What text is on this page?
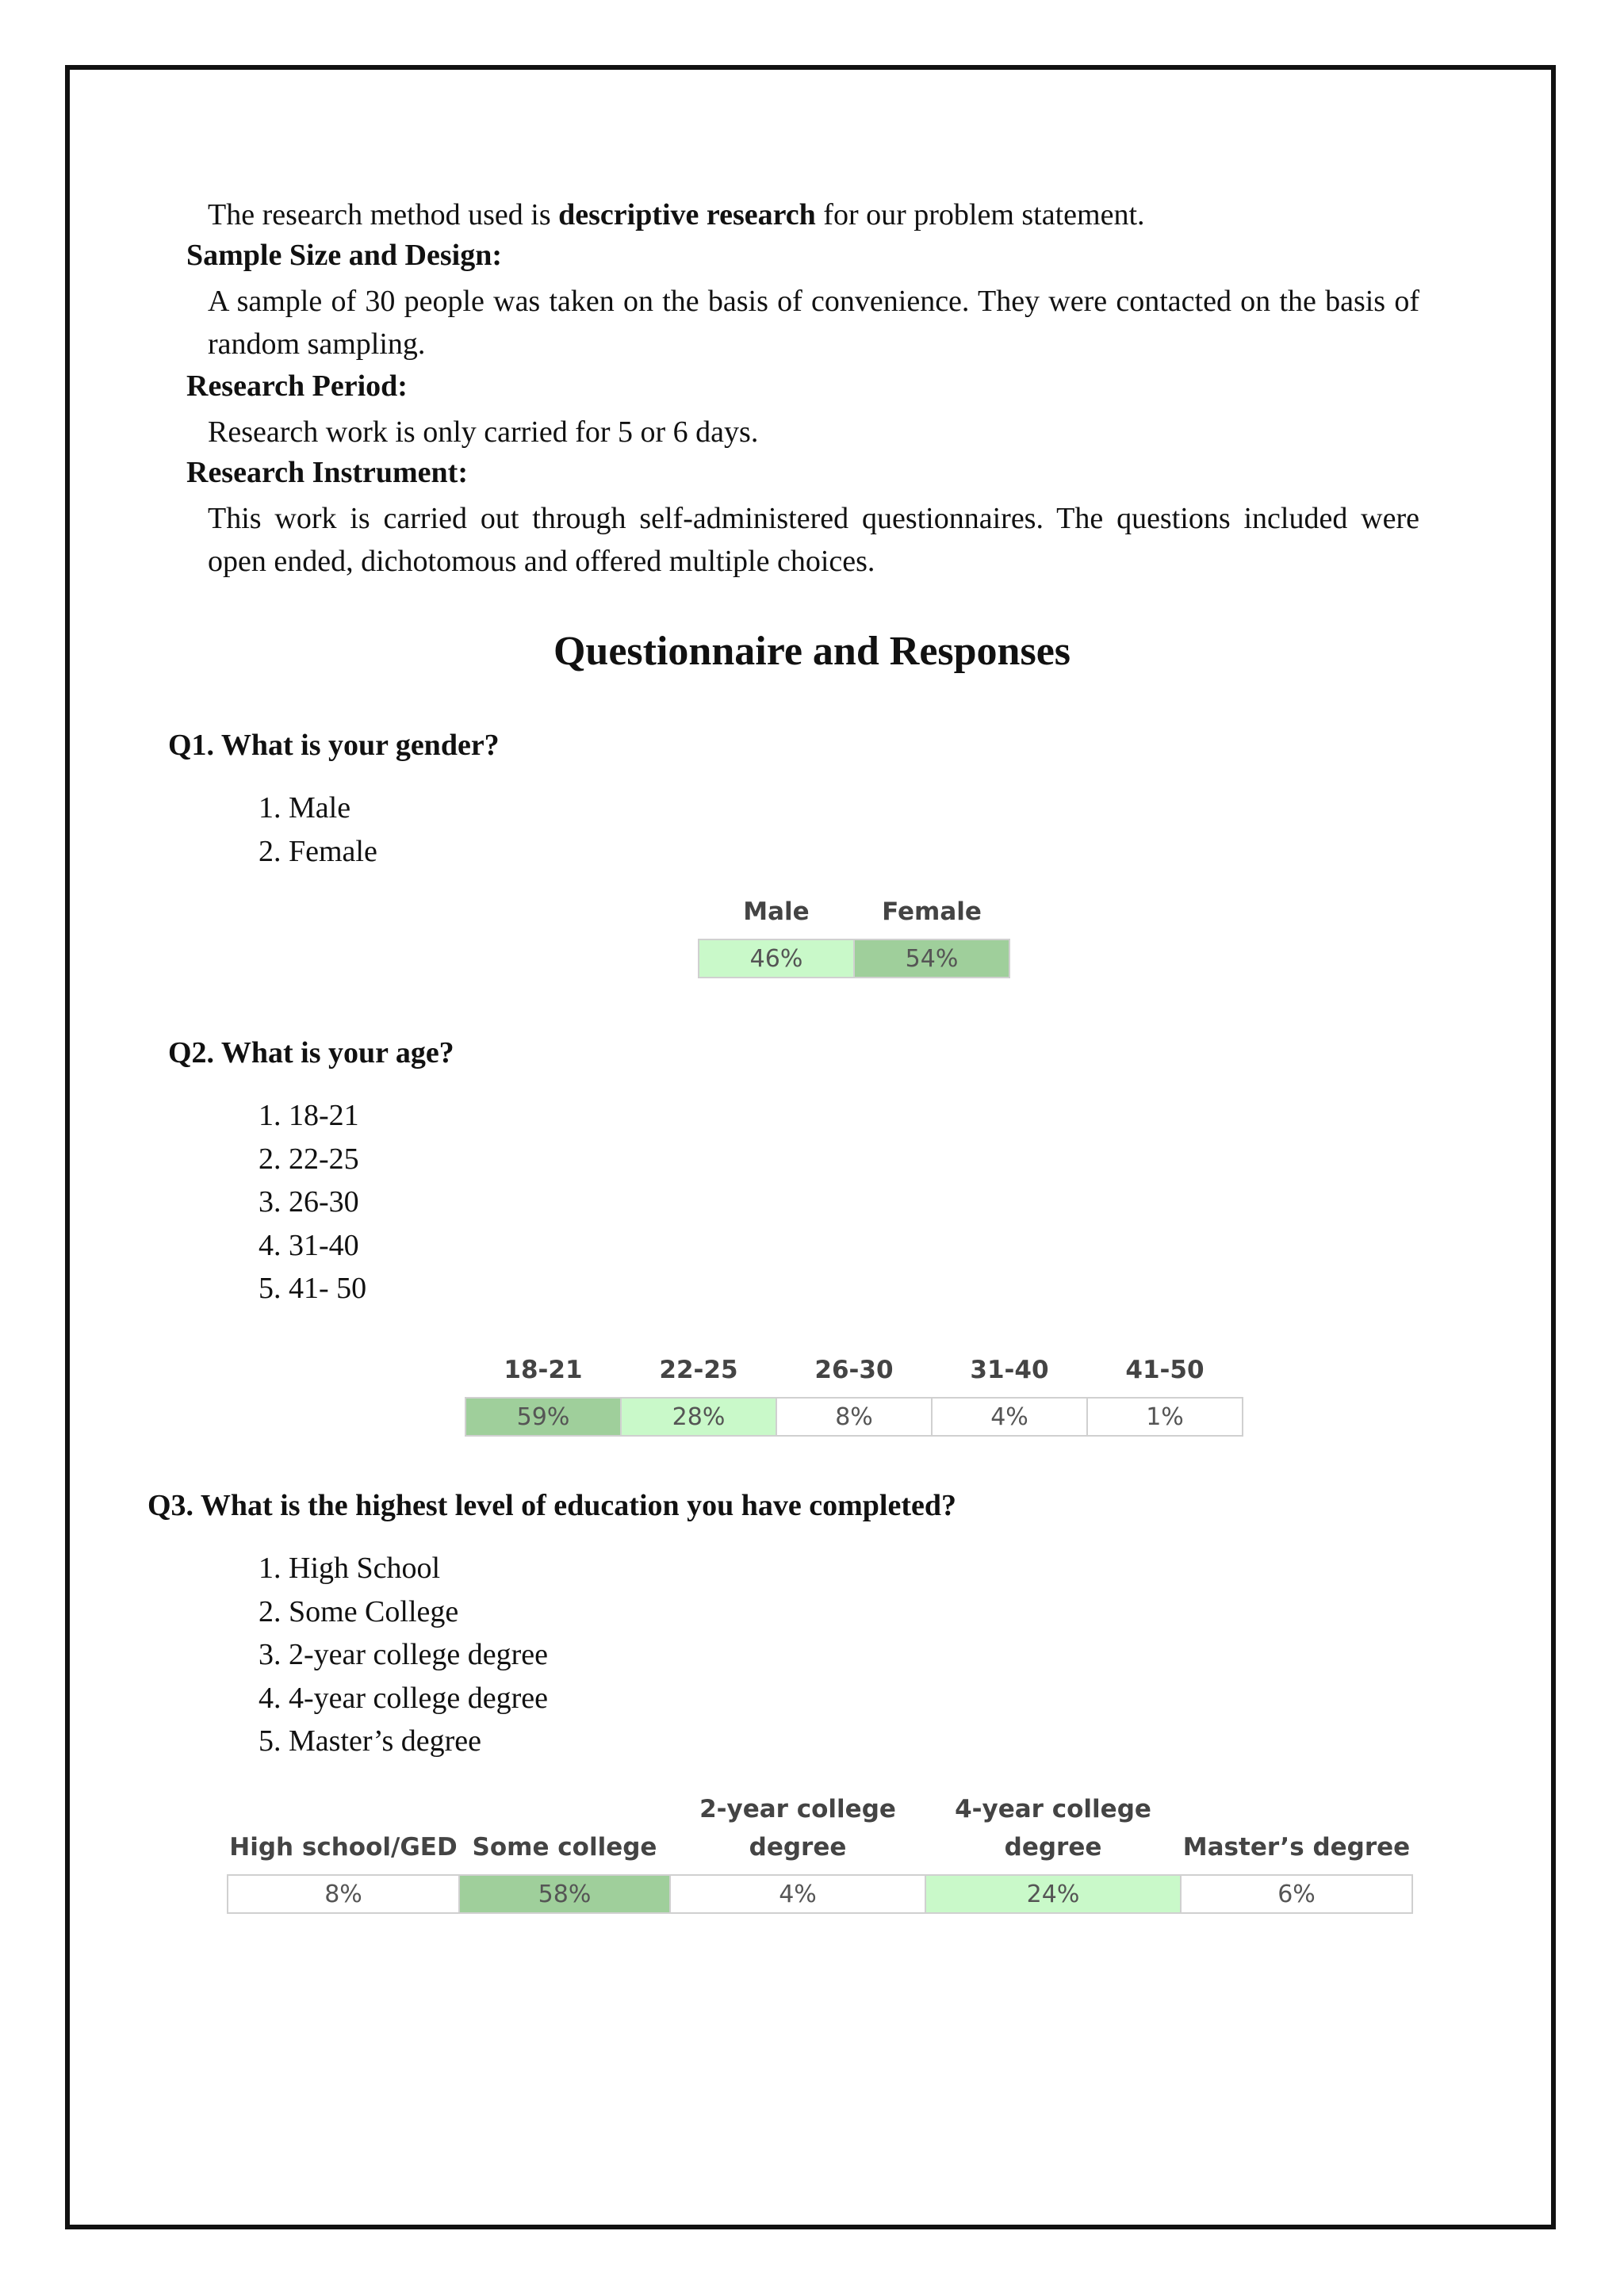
The research method used is descriptive research for our problem statement.
Sample Size and Design:
A sample of 30 people was taken on the basis of convenience. They were contacted on the basis of random sampling.
Research Period:
Research work is only carried for 5 or 6 days.
Research Instrument:
This work is carried out through self-administered questionnaires. The questions included were open ended, dichotomous and offered multiple choices.
Questionnaire and Responses
Q1. What is your gender?
1. Male
2. Female
Male	Female
46%	54%
Q2. What is your age?
1. 18-21
2. 22-25
3. 26-30
4. 31-40
5. 41- 50
18-21	22-25	26-30	31-40	41-50
59%	28%	8%	4%	1%
Q3. What is the highest level of education you have completed?
1. High School
2. Some College
3. 2-year college degree
4. 4-year college degree
5. Master’s degree
High school/GED	Some college	2-year college degree	4-year college degree	Master’s degree
8%	58%	4%	24%	6%
